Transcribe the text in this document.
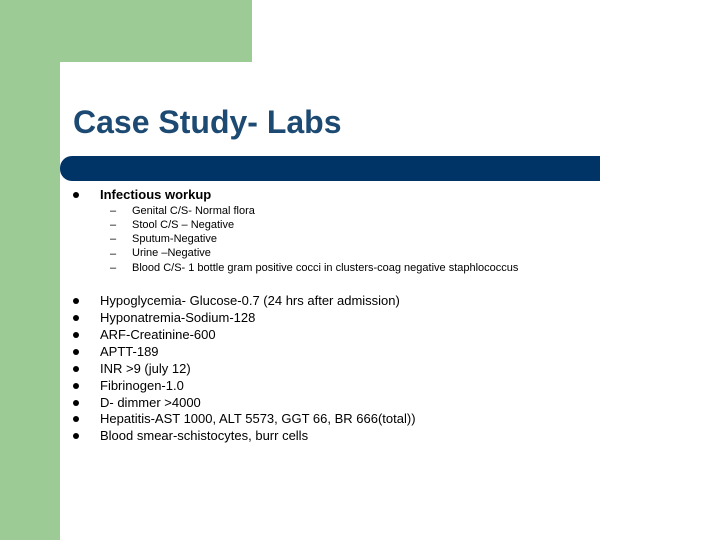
Case Study- Labs
Infectious workup
– Genital C/S- Normal flora
– Stool C/S – Negative
– Sputum-Negative
– Urine –Negative
– Blood C/S- 1 bottle gram positive cocci in clusters-coag negative staphlococcus
Hypoglycemia- Glucose-0.7 (24 hrs after admission)
Hyponatremia-Sodium-128
ARF-Creatinine-600
APTT-189
INR >9 (july 12)
Fibrinogen-1.0
D- dimmer >4000
Hepatitis-AST 1000, ALT 5573, GGT 66, BR 666(total))
Blood smear-schistocytes, burr cells
